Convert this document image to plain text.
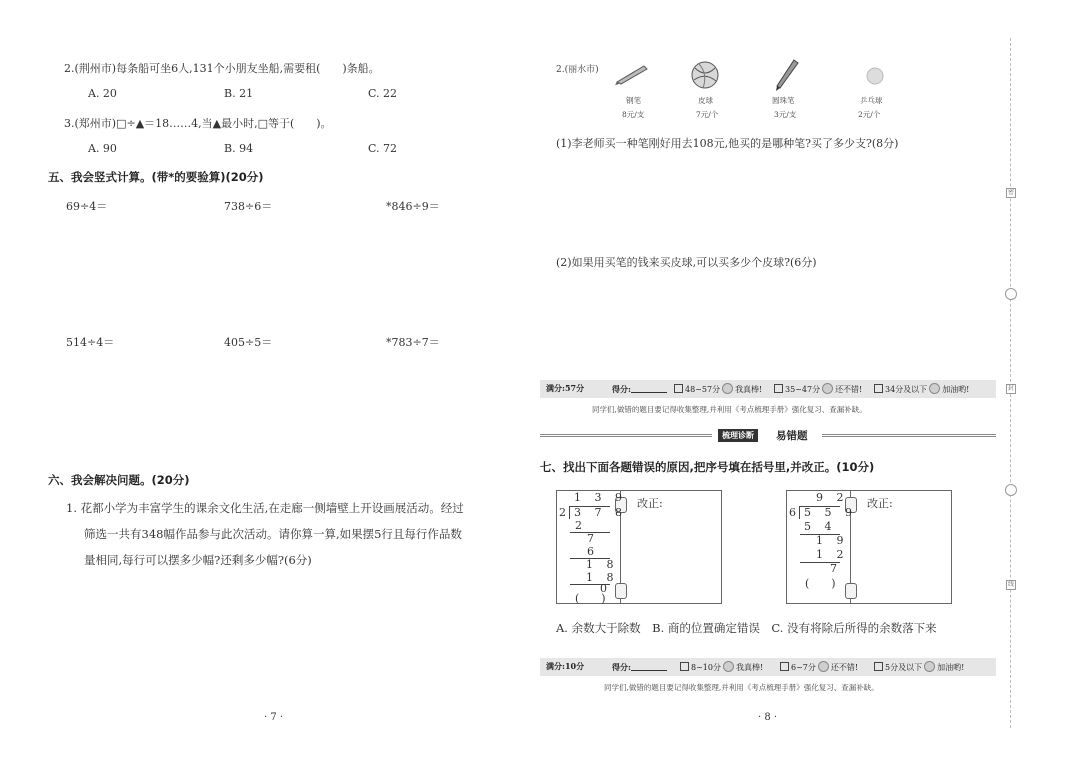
2.(荆州市)每条船可坐6人,131个小朋友坐船,需要租(　　)条船。
A. 20	B. 21	C. 22
3.(郑州市)□÷▲＝18……4,当▲最小时,□等于(　　)。
A. 90	B. 94	C. 72
五、我会竖式计算。(带*的要验算)(20分)
69÷4＝	738÷6＝	*846÷9＝
514÷4＝	405÷5＝	*783÷7＝
六、我会解决问题。(20分)
1. 花都小学为丰富学生的课余文化生活,在走廊一侧墙壁上开设画展活动。经过
筛选一共有348幅作品参与此次活动。请你算一算,如果摆5行且每行作品数
量相同,每行可以摆多少幅?还剩多少幅?(6分)
· 7 ·
2.(丽水市)
钢笔
8元/支
皮球
7元/个
圆珠笔
3元/支
乒乓球
2元/个
(1)李老师买一种笔刚好用去108元,他买的是哪种笔?买了多少支?(8分)
(2)如果用买笔的钱来买皮球,可以买多少个皮球?(6分)
满分:57分	得分:	48~57分 我真棒!	35~47分 还不错!	34分及以下 加油哟!
同学们,做错的题目要记得收集整理,并利用《考点梳理手册》强化复习、查漏补缺。
梳理诊断	易错题
七、找出下面各题错误的原因,把序号填在括号里,并改正。(10分)
改正:
1 3 9
2 3 7 8
2
7
6
1 8
1 8
0
(　　)
改正:
9 2
6 5 5 9
5 4
1 9
1 2
7
(　　)
A. 余数大于除数　B. 商的位置确定错误　C. 没有将除后所得的余数落下来
满分:10分	得分:	8~10分 我真棒!	6~7分 还不错!	5分及以下 加油哟!
同学们,做错的题目要记得收集整理,并利用《考点梳理手册》强化复习、查漏补缺。
· 8 ·
密
封
线
